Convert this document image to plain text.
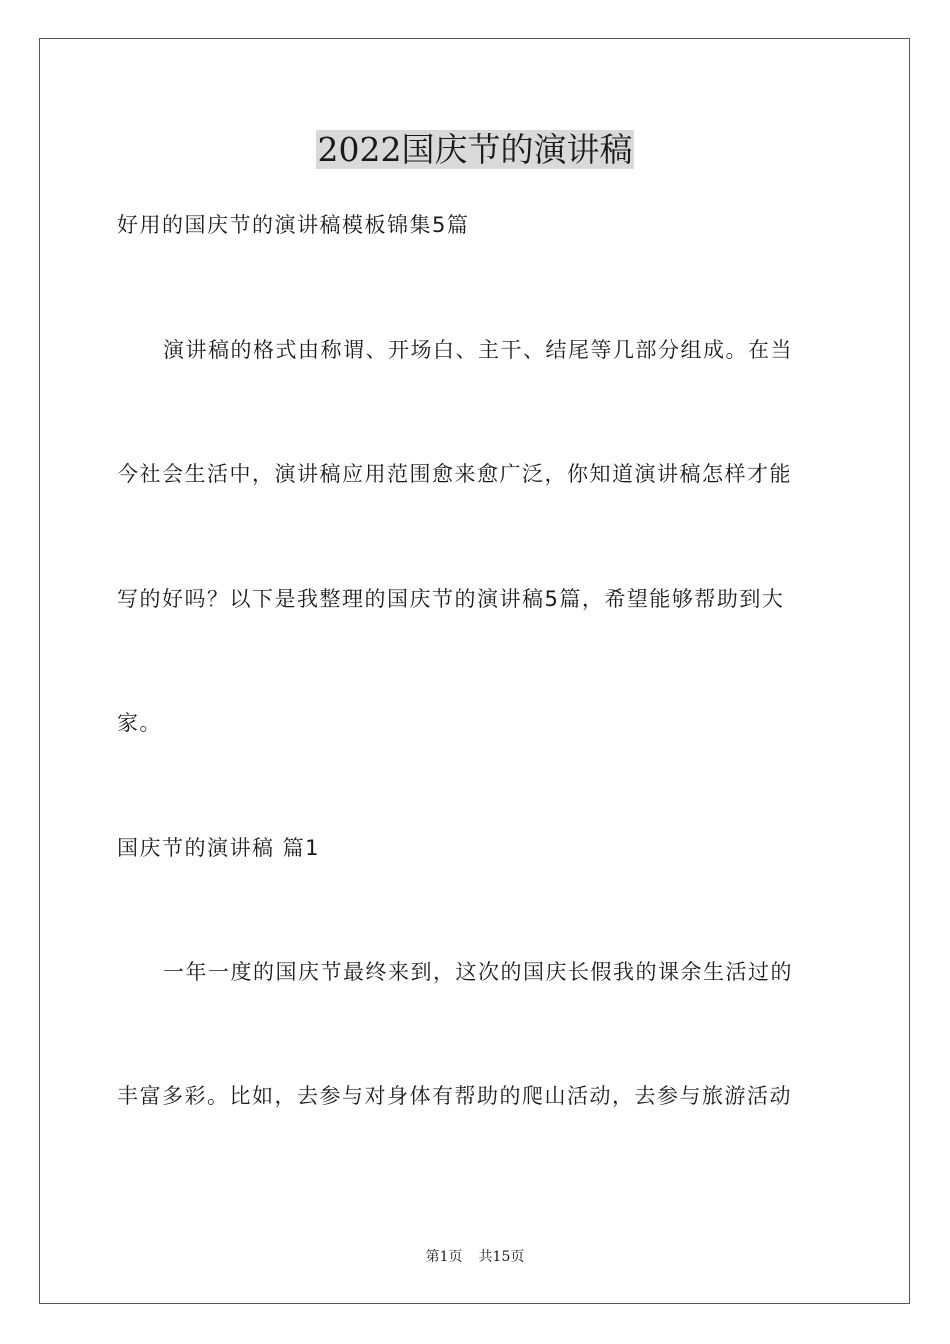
2022国庆节的演讲稿
好用的国庆节的演讲稿模板锦集5篇
演讲稿的格式由称谓、开场白、主干、结尾等几部分组成。在当
今社会生活中，演讲稿应用范围愈来愈广泛，你知道演讲稿怎样才能
写的好吗？以下是我整理的国庆节的演讲稿5篇，希望能够帮助到大
家。
国庆节的演讲稿 篇1
一年一度的国庆节最终来到，这次的国庆长假我的课余生活过的
丰富多彩。比如，去参与对身体有帮助的爬山活动，去参与旅游活动
第1页 共15页
